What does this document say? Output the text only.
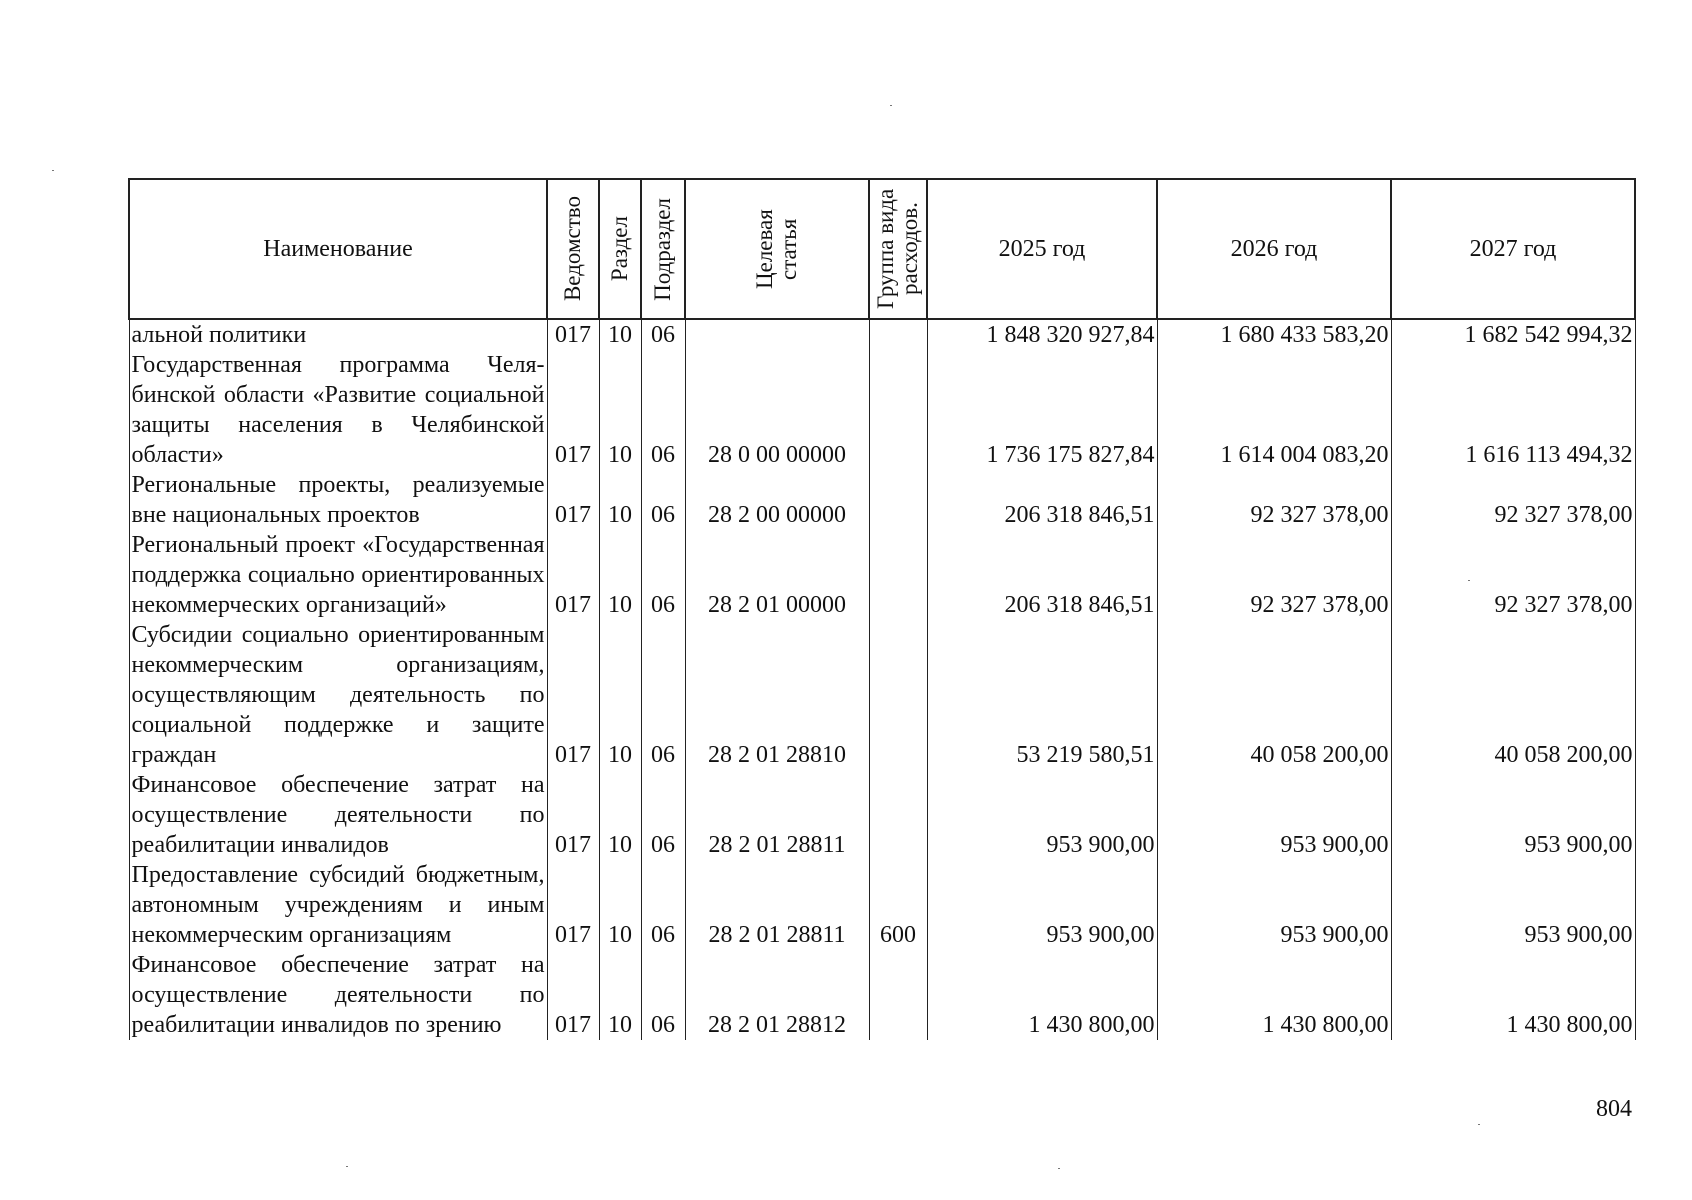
Наименование	Ведомство	Раздел	Подраздел	Целевая статья	Группа вида расходов.	2025 год	2026 год	2027 год
альной политики	017	10	06			1 848 320 927,84	1 680 433 583,20	1 682 542 994,32
Государственная программа Челябинской области «Развитие социальной защиты населения в Челябинской области»	017	10	06	28 0 00 00000		1 736 175 827,84	1 614 004 083,20	1 616 113 494,32
Региональные проекты, реализуемые вне национальных проектов	017	10	06	28 2 00 00000		206 318 846,51	92 327 378,00	92 327 378,00
Региональный проект «Государственная поддержка социально ориентированных некоммерческих организаций»	017	10	06	28 2 01 00000		206 318 846,51	92 327 378,00	92 327 378,00
Субсидии социально ориентированным некоммерческим организациям, осуществляющим деятельность по социальной поддержке и защите граждан	017	10	06	28 2 01 28810		53 219 580,51	40 058 200,00	40 058 200,00
Финансовое обеспечение затрат на осуществление деятельности по реабилитации инвалидов	017	10	06	28 2 01 28811		953 900,00	953 900,00	953 900,00
Предоставление субсидий бюджетным, автономным учреждениям и иным некоммерческим организациям	017	10	06	28 2 01 28811	600	953 900,00	953 900,00	953 900,00
Финансовое обеспечение затрат на осуществление деятельности по реабилитации инвалидов по зрению	017	10	06	28 2 01 28812		1 430 800,00	1 430 800,00	1 430 800,00
804
